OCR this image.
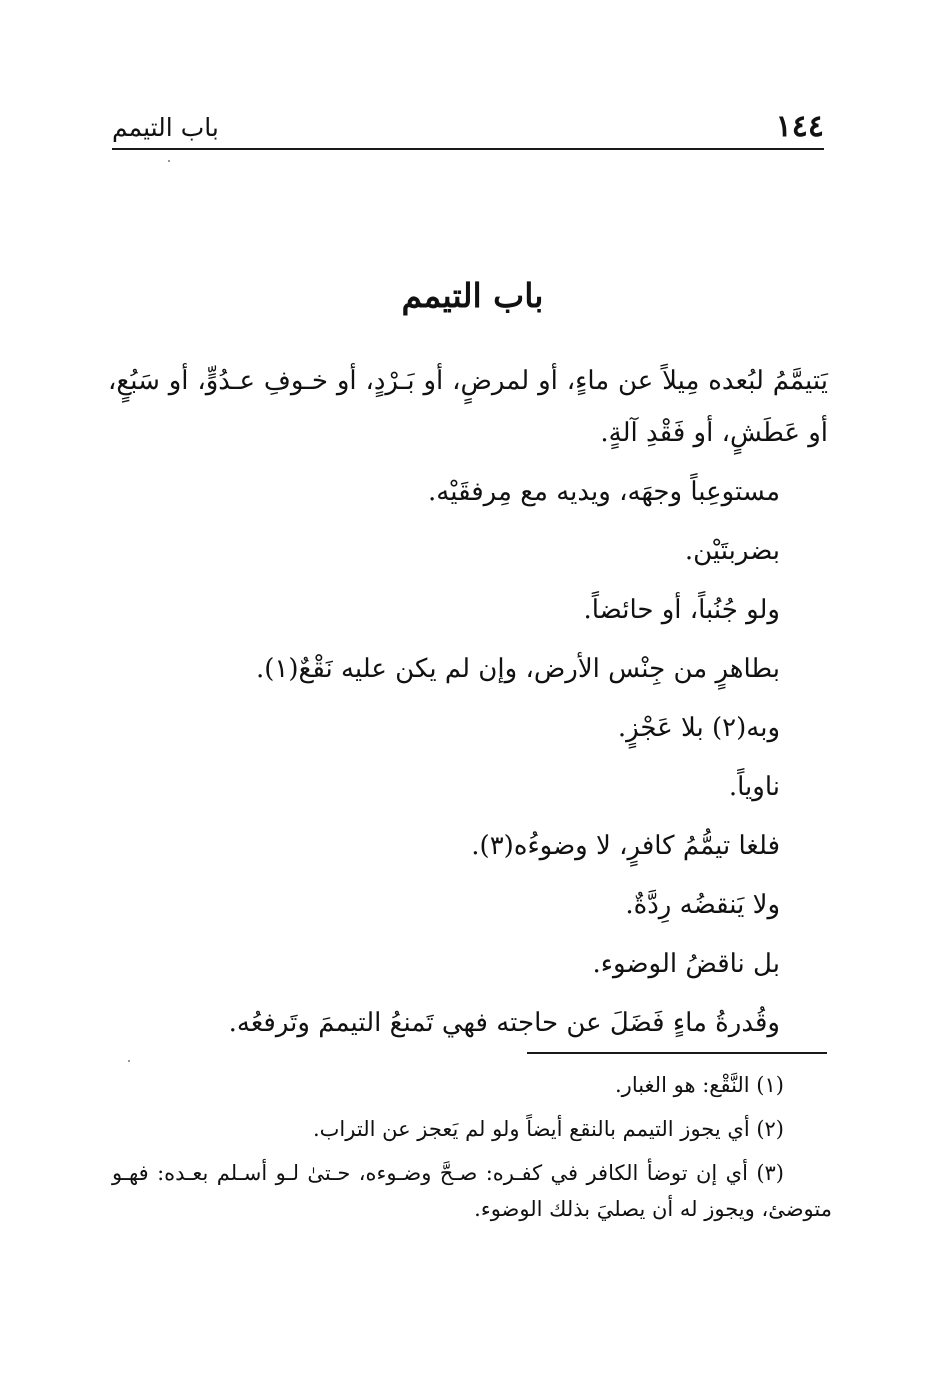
١٤٤
باب التيمم
باب التيمم

يَتيمَّمُ لبُعده مِيلاً عن ماءٍ، أو لمرضٍ، أو بَـرْدٍ، أو خـوفِ عـدُوٍّ، أو سَبُعٍ، أو عَطَشٍ، أو فَقْدِ آلةٍ.

مستوعِباً وجهَه، ويديه مع مِرفقَيْه.

بضربتَيْن.

ولو جُنُباً، أو حائضاً.

بطاهرٍ من جِنْس الأرض، وإن لم يكن عليه نَقْعٌ(١).

وبه(٢) بلا عَجْزٍ.

ناوياً.

فلغا تيمُّمُ كافرٍ، لا وضوءُه(٣).

ولا يَنقضُه رِدَّةٌ.

بل ناقضُ الوضوء.

وقُدرةُ ماءٍ فَضَلَ عن حاجته فهي تَمنعُ التيممَ وتَرفعُه.

(١) النَّقْع: هو الغبار.

(٢) أي يجوز التيمم بالنقع أيضاً ولو لم يَعجز عن التراب.

(٣) أي إن توضأ الكافر في كفـره: صـحَّ وضـوءه، حـتىٰ لـو أسـلم بعـده: فهـو متوضئ، ويجوز له أن يصليَ بذلك الوضوء.
